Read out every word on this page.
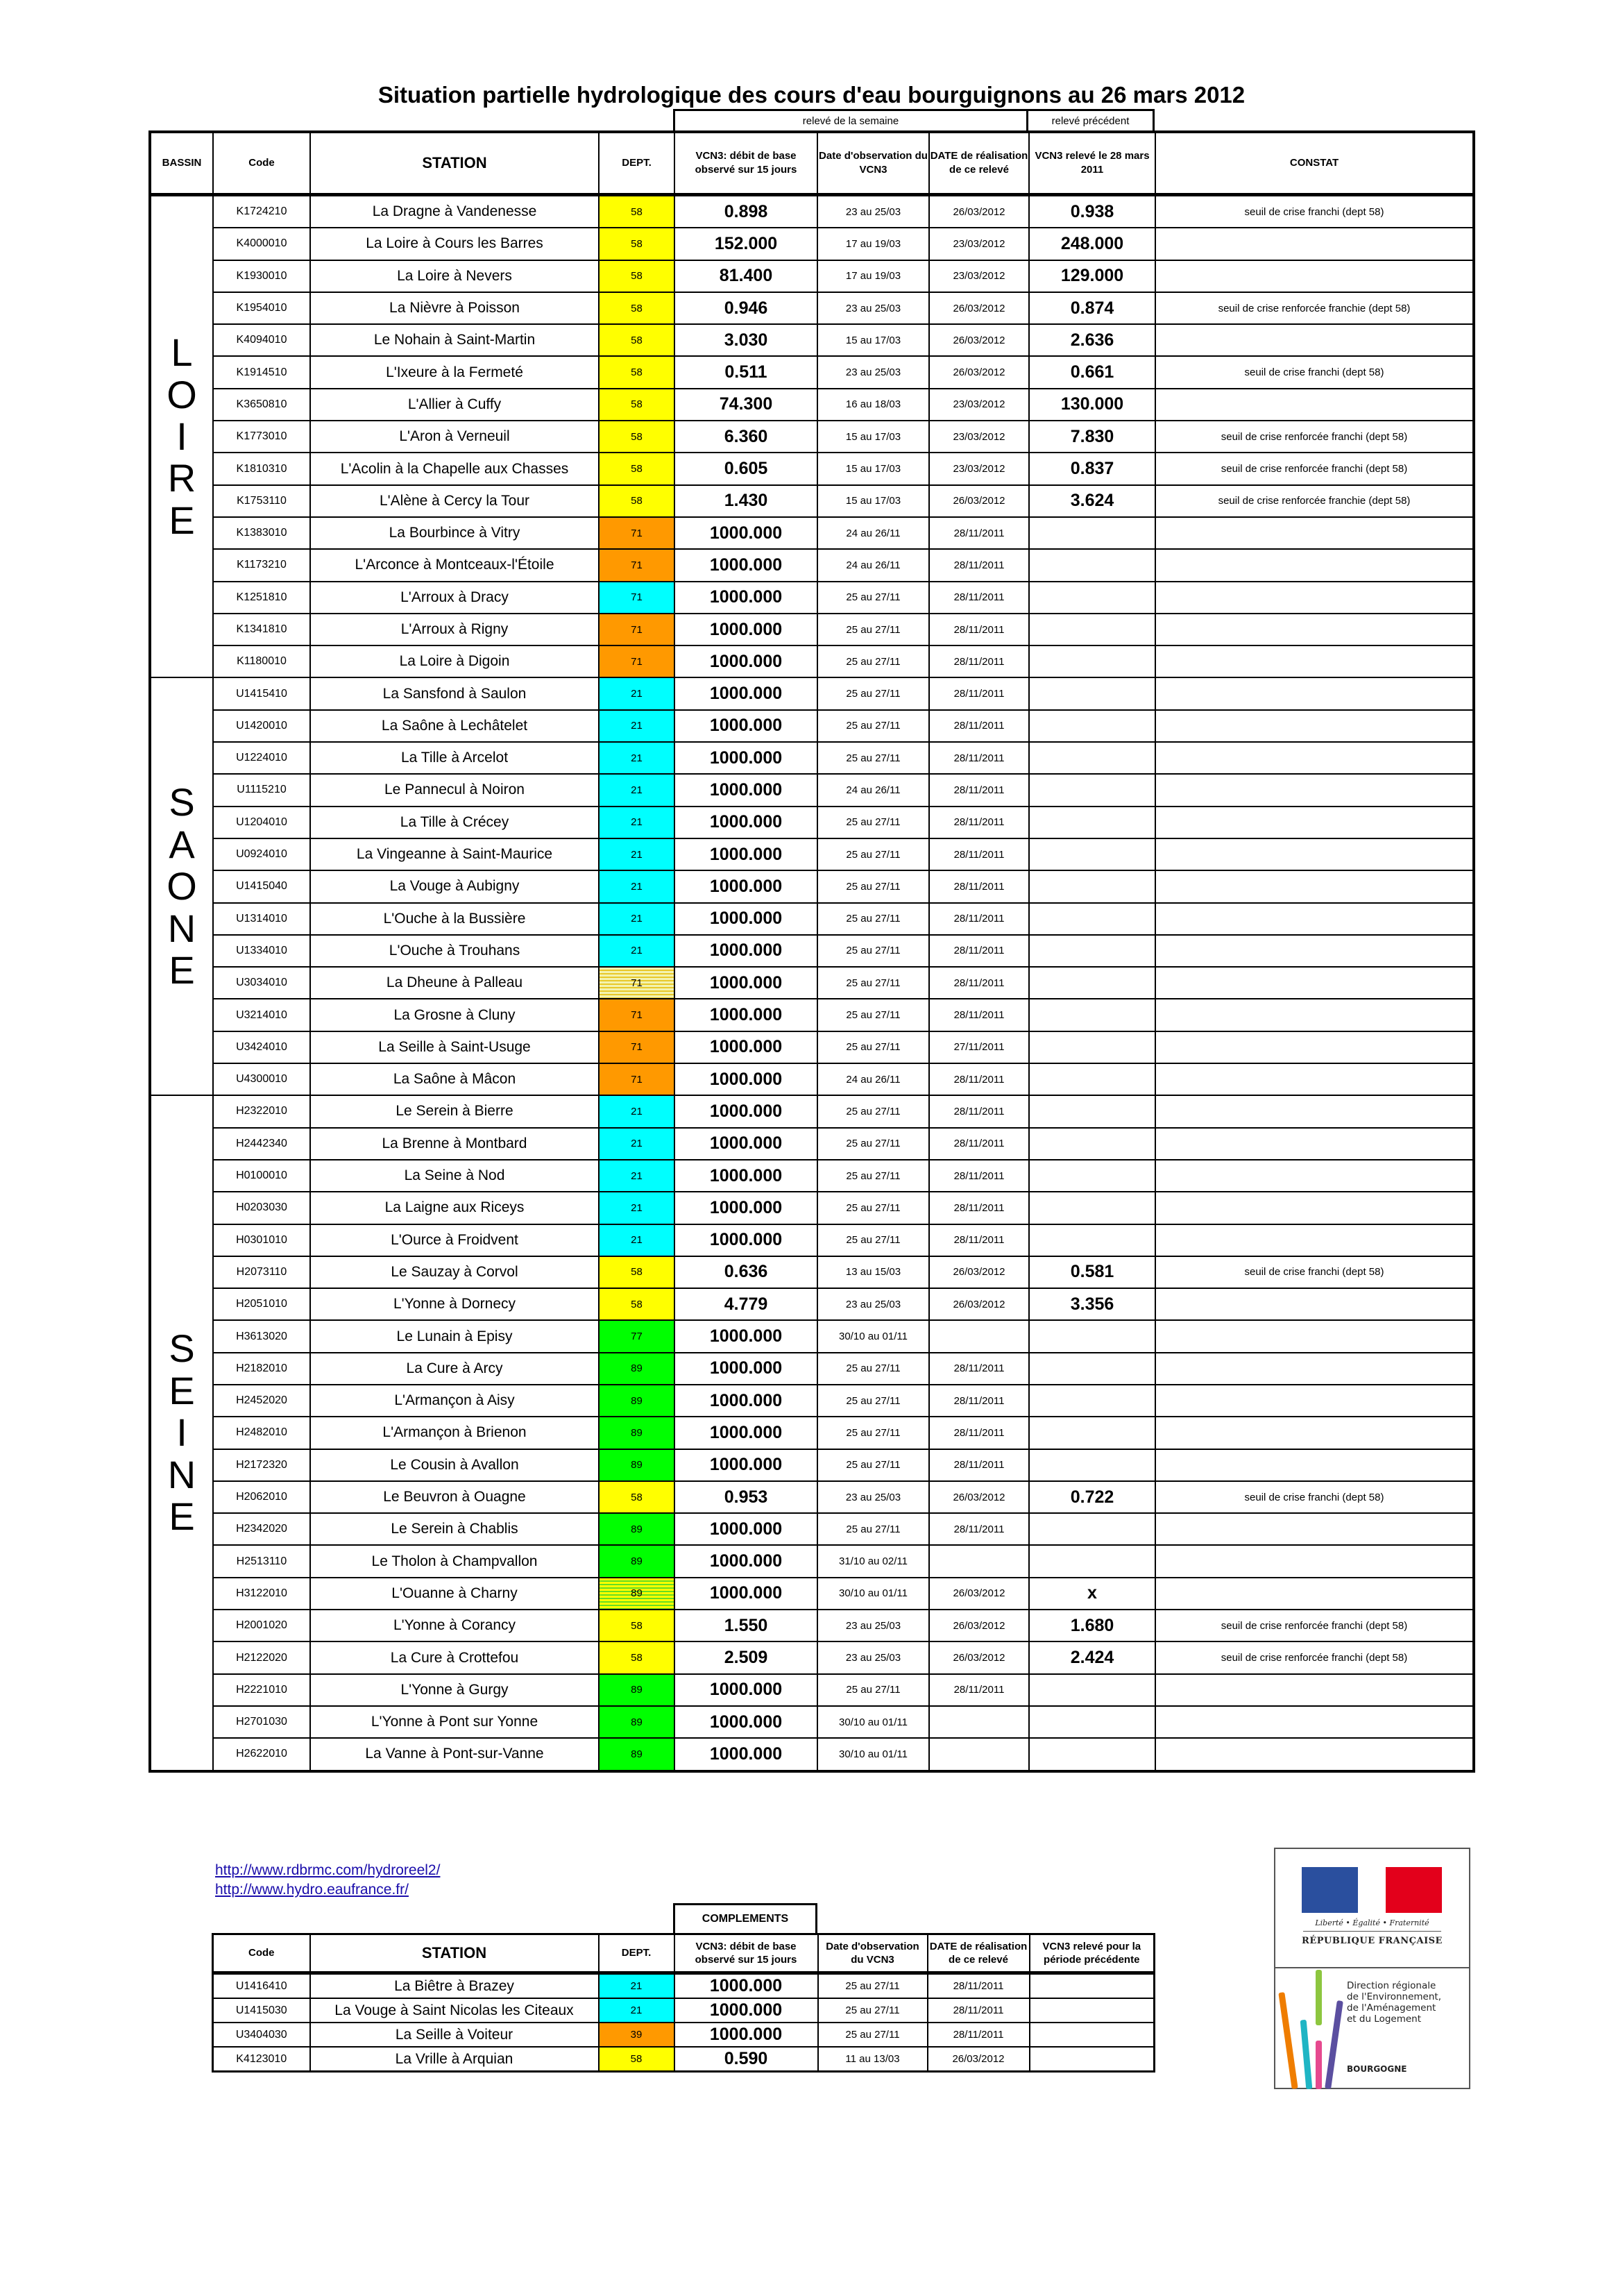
Situation partielle hydrologique des cours d'eau bourguignons au 26 mars 2012
relevé de la semaine	relevé précédent
BASSIN	Code	STATION	DEPT.	VCN3: débit de base observé sur 15 jours	Date d'observation du VCN3	DATE de réalisation de ce relevé	VCN3 relevé le 28 mars 2011	CONSTAT

L
O
I
R
E	K1724210	La Dragne à Vandenesse	58	0.898	23 au 25/03	26/03/2012	0.938	seuil de crise franchi (dept 58)
	K4000010	La Loire à Cours les Barres	58	152.000	17 au 19/03	23/03/2012	248.000	
	K1930010	La Loire à Nevers	58	81.400	17 au 19/03	23/03/2012	129.000	
	K1954010	La Nièvre à Poisson	58	0.946	23 au 25/03	26/03/2012	0.874	seuil de crise renforcée franchie (dept 58)
	K4094010	Le Nohain à Saint-Martin	58	3.030	15 au 17/03	26/03/2012	2.636	
	K1914510	L'Ixeure à la Fermeté	58	0.511	23 au 25/03	26/03/2012	0.661	seuil de crise franchi (dept 58)
	K3650810	L'Allier à Cuffy	58	74.300	16 au 18/03	23/03/2012	130.000	
	K1773010	L'Aron à Verneuil	58	6.360	15 au 17/03	23/03/2012	7.830	seuil de crise renforcée franchi (dept 58)
	K1810310	L'Acolin à la Chapelle aux Chasses	58	0.605	15 au 17/03	23/03/2012	0.837	seuil de crise renforcée franchi (dept 58)
	K1753110	L'Alène à Cercy la Tour	58	1.430	15 au 17/03	26/03/2012	3.624	seuil de crise renforcée franchie (dept 58)
	K1383010	La Bourbince à Vitry	71	1000.000	24 au 26/11	28/11/2011		
	K1173210	L'Arconce à Montceaux-l'Étoile	71	1000.000	24 au 26/11	28/11/2011		
	K1251810	L'Arroux à Dracy	71	1000.000	25 au 27/11	28/11/2011		
	K1341810	L'Arroux à Rigny	71	1000.000	25 au 27/11	28/11/2011		
	K1180010	La Loire à Digoin	71	1000.000	25 au 27/11	28/11/2011		

S
A
O
N
E	U1415410	La Sansfond à Saulon	21	1000.000	25 au 27/11	28/11/2011		
	U1420010	La Saône à Lechâtelet	21	1000.000	25 au 27/11	28/11/2011		
	U1224010	La Tille à Arcelot	21	1000.000	25 au 27/11	28/11/2011		
	U1115210	Le Pannecul à Noiron	21	1000.000	24 au 26/11	28/11/2011		
	U1204010	La Tille à Crécey	21	1000.000	25 au 27/11	28/11/2011		
	U0924010	La Vingeanne à Saint-Maurice	21	1000.000	25 au 27/11	28/11/2011		
	U1415040	La Vouge à Aubigny	21	1000.000	25 au 27/11	28/11/2011		
	U1314010	L'Ouche à la Bussière	21	1000.000	25 au 27/11	28/11/2011		
	U1334010	L'Ouche à Trouhans	21	1000.000	25 au 27/11	28/11/2011		
	U3034010	La Dheune à Palleau	71	1000.000	25 au 27/11	28/11/2011		
	U3214010	La Grosne à Cluny	71	1000.000	25 au 27/11	28/11/2011		
	U3424010	La Seille à Saint-Usuge	71	1000.000	25 au 27/11	27/11/2011		
	U4300010	La Saône à Mâcon	71	1000.000	24 au 26/11	28/11/2011		

S
E
I
N
E	H2322010	Le Serein à Bierre	21	1000.000	25 au 27/11	28/11/2011		
	H2442340	La Brenne à Montbard	21	1000.000	25 au 27/11	28/11/2011		
	H0100010	La Seine à Nod	21	1000.000	25 au 27/11	28/11/2011		
	H0203030	La Laigne aux Riceys	21	1000.000	25 au 27/11	28/11/2011		
	H0301010	L'Ource à Froidvent	21	1000.000	25 au 27/11	28/11/2011		
	H2073110	Le Sauzay à Corvol	58	0.636	13 au 15/03	26/03/2012	0.581	seuil de crise franchi (dept 58)
	H2051010	L'Yonne à Dornecy	58	4.779	23 au 25/03	26/03/2012	3.356	
	H3613020	Le Lunain à Episy	77	1000.000	30/10 au 01/11			
	H2182010	La Cure à Arcy	89	1000.000	25 au 27/11	28/11/2011		
	H2452020	L'Armançon à Aisy	89	1000.000	25 au 27/11	28/11/2011		
	H2482010	L'Armançon à Brienon	89	1000.000	25 au 27/11	28/11/2011		
	H2172320	Le Cousin à Avallon	89	1000.000	25 au 27/11	28/11/2011		
	H2062010	Le Beuvron à Ouagne	58	0.953	23 au 25/03	26/03/2012	0.722	seuil de crise franchi (dept 58)
	H2342020	Le Serein à Chablis	89	1000.000	25 au 27/11	28/11/2011		
	H2513110	Le Tholon à Champvallon	89	1000.000	31/10 au 02/11			
	H3122010	L'Ouanne à Charny	89	1000.000	30/10 au 01/11	26/03/2012	x	
	H2001020	L'Yonne à Corancy	58	1.550	23 au 25/03	26/03/2012	1.680	seuil de crise renforcée franchi (dept 58)
	H2122020	La Cure à Crottefou	58	2.509	23 au 25/03	26/03/2012	2.424	seuil de crise renforcée franchi (dept 58)
	H2221010	L'Yonne à Gurgy	89	1000.000	25 au 27/11	28/11/2011		
	H2701030	L'Yonne à Pont sur Yonne	89	1000.000	30/10 au 01/11			
	H2622010	La Vanne à Pont-sur-Vanne	89	1000.000	30/10 au 01/11			
http://www.rdbrmc.com/hydroreel2/
http://www.hydro.eaufrance.fr/
COMPLEMENTS
Code	STATION	DEPT.	VCN3: débit de base observé sur 15 jours	Date d'observation du VCN3	DATE de réalisation de ce relevé	VCN3 relevé pour la période précédente
U1416410	La Biêtre à Brazey	21	1000.000	25 au 27/11	28/11/2011	
U1415030	La Vouge à Saint Nicolas les Citeaux	21	1000.000	25 au 27/11	28/11/2011	
U3404030	La Seille à Voiteur	39	1000.000	25 au 27/11	28/11/2011	
K4123010	La Vrille à Arquian	58	0.590	11 au 13/03	26/03/2012	
Liberté • Égalité • Fraternité
RÉPUBLIQUE FRANÇAISE
Direction régionale
de l'Environnement,
de l'Aménagement
et du Logement
BOURGOGNE
